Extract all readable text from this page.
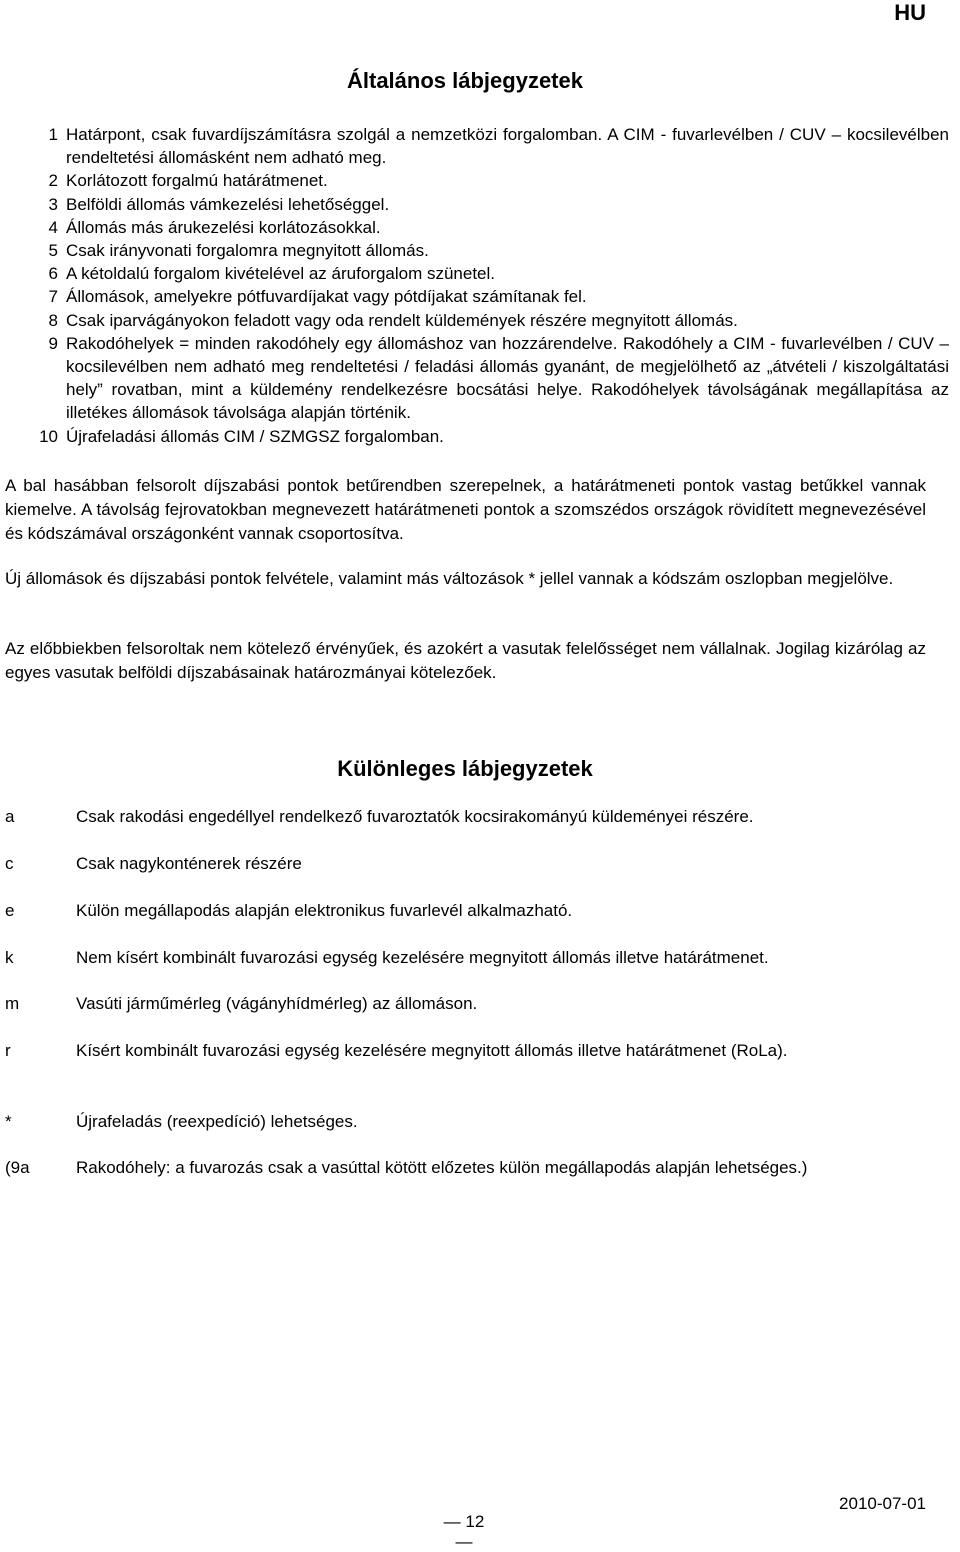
HU
Általános lábjegyzetek
1 Határpont, csak fuvardíjszámításra szolgál a nemzetközi forgalomban. A CIM - fuvarlevélben / CUV – kocsilevélben rendeltetési állomásként nem adható meg.
2 Korlátozott forgalmú határátmenet.
3 Belföldi állomás vámkezelési lehetőséggel.
4 Állomás más árukezelési korlátozásokkal.
5 Csak irányvonati forgalomra megnyitott állomás.
6 A kétoldalú forgalom kivételével az áruforgalom szünetel.
7 Állomások, amelyekre pótfuvardíjakat vagy pótdíjakat számítanak fel.
8 Csak iparvágányokon feladott vagy oda rendelt küldemények részére megnyitott állomás.
9 Rakodóhelyek = minden rakodóhely egy állomáshoz van hozzárendelve. Rakodóhely a CIM - fuvarlevélben / CUV – kocsilevélben nem adható meg rendeltetési / feladási állomás gyanánt, de megjelölhető az „átvételi / kiszolgáltatási hely” rovatban, mint a küldemény rendelkezésre bocsátási helye. Rakodóhelyek távolságának megállapítása az illetékes állomások távolsága alapján történik.
10 Újrafeladási állomás CIM / SZMGSZ forgalomban.
A bal hasábban felsorolt díjszabási pontok betűrendben szerepelnek, a határátmeneti pontok vastag betűkkel vannak kiemelve. A távolság fejrovatokban megnevezett határátmeneti pontok a szomszédos országok rövidített megnevezésével és kódszámával országonként vannak csoportosítva.
Új állomások és díjszabási pontok felvétele, valamint más változások * jellel vannak a kódszám oszlopban megjelölve.
Az előbbiekben felsoroltak nem kötelező érvényűek, és azokért a vasutak felelősséget nem vállalnak. Jogilag kizárólag az egyes vasutak belföldi díjszabásainak határozmányai kötelezőek.
Különleges lábjegyzetek
a	Csak rakodási engedéllyel rendelkező fuvaroztatók kocsirakományú küldeményei részére.
c	Csak nagykonténerek részére
e	Külön megállapodás alapján elektronikus fuvarlevél alkalmazható.
k	Nem kísért kombinált fuvarozási egység kezelésére megnyitott állomás illetve határátmenet.
m	Vasúti járműmérleg (vágányhídmérleg) az állomáson.
r	Kísért kombinált fuvarozási egység kezelésére megnyitott állomás illetve határátmenet (RoLa).
*	Újrafeladás (reexpedíció) lehetséges.
(9a	Rakodóhely: a fuvarozás csak a vasúttal kötött előzetes külön megállapodás alapján lehetséges.)
2010-07-01
— 12 —
